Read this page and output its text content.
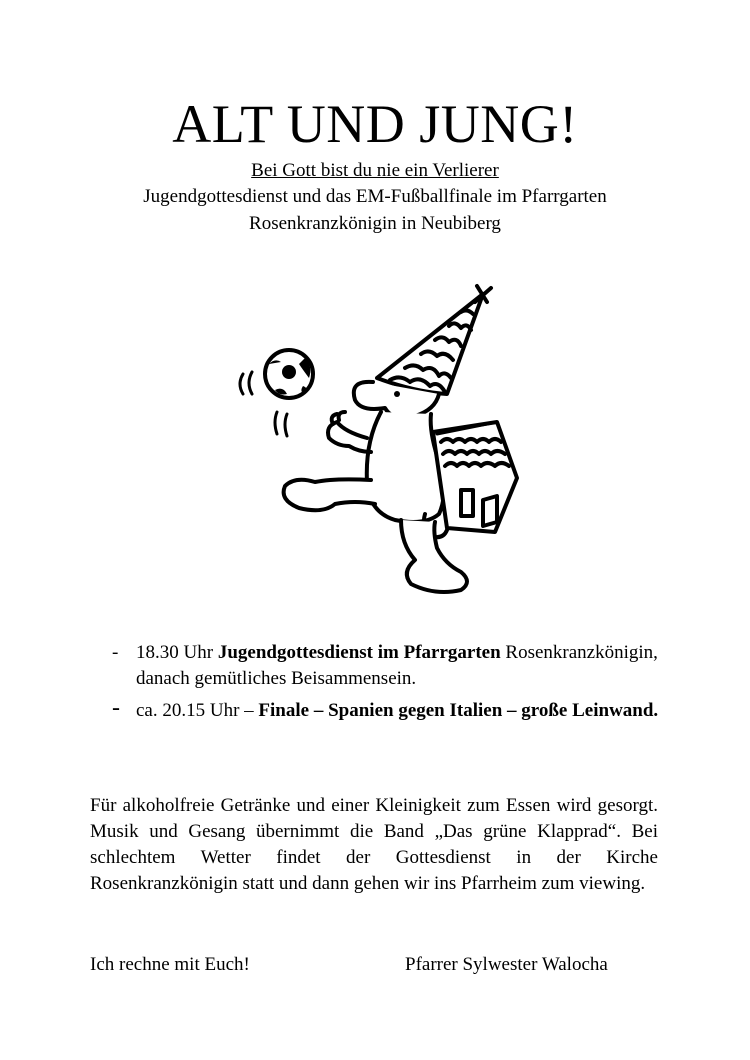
ALT UND JUNG!
Bei Gott bist du nie ein Verlierer
Jugendgottesdienst und das EM-Fußballfinale im Pfarrgarten
Rosenkranzkönigin in Neubiberg
- 18.30 Uhr Jugendgottesdienst im Pfarrgarten Rosenkranzkönigin, danach gemütliches Beisammensein.
- ca. 20.15 Uhr – Finale – Spanien gegen Italien – große Leinwand.
Für alkoholfreie Getränke und einer Kleinigkeit zum Essen wird gesorgt. Musik und Gesang übernimmt die Band „Das grüne Klapprad“. Bei schlechtem Wetter findet der Gottesdienst in der Kirche Rosenkranzkönigin statt und dann gehen wir ins Pfarrheim zum viewing.
Ich rechne mit Euch!	Pfarrer Sylwester Walocha
